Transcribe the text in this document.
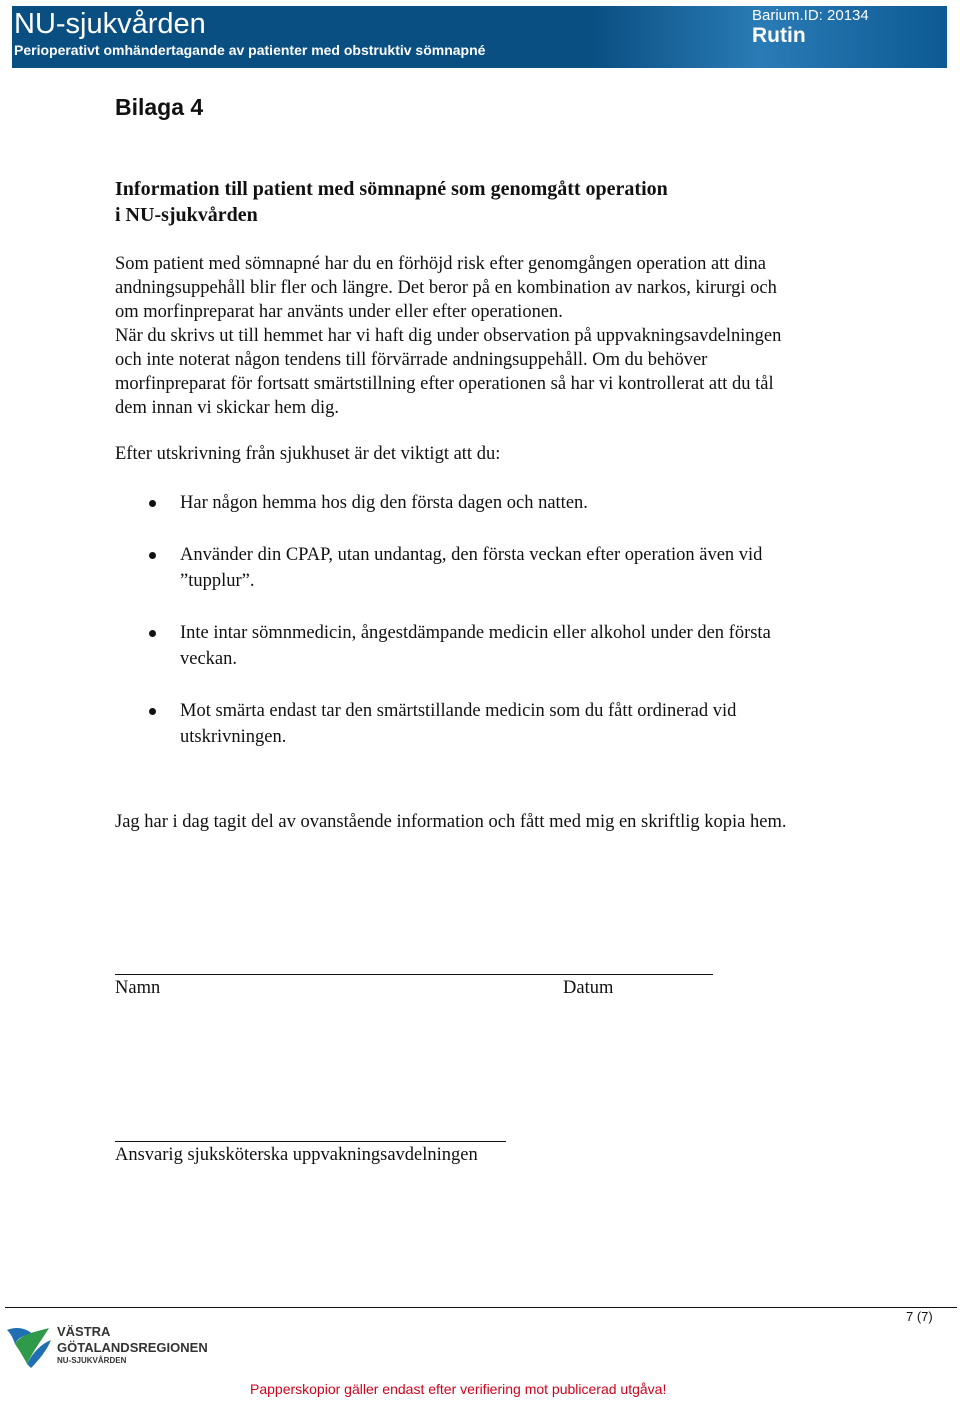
NU-sjukvården
Perioperativt omhändertagande av patienter med obstruktiv sömnapné
Barium.ID: 20134
Rutin
Bilaga 4
Information till patient med sömnapné som genomgått operation
i NU-sjukvården

Som patient med sömnapné har du en förhöjd risk efter genomgången operation att dina

andningsuppehåll blir fler och längre. Det beror på en kombination av narkos, kirurgi och

om morfinpreparat har använts under eller efter operationen.

När du skrivs ut till hemmet har vi haft dig under observation på uppvakningsavdelningen

och inte noterat någon tendens till förvärrade andningsuppehåll. Om du behöver

morfinpreparat för fortsatt smärtstillning efter operationen så har vi kontrollerat att du tål

dem innan vi skickar hem dig.

Efter utskrivning från sjukhuset är det viktigt att du:

Har någon hemma hos dig den första dagen och natten.
Använder din CPAP, utan undantag, den första veckan efter operation även vid
”tupplur”.
Inte intar sömnmedicin, ångestdämpande medicin eller alkohol under den första
veckan.
Mot smärta endast tar den smärtstillande medicin som du fått ordinerad vid
utskrivningen.
Jag har i dag tagit del av ovanstående information och fått med mig en skriftlig kopia hem.
Namn	Datum
Ansvarig sjuksköterska uppvakningsavdelningen
7 (7)
VÄSTRA
GÖTALANDSREGIONEN
NU-SJUKVÅRDEN
Papperskopior gäller endast efter verifiering mot publicerad utgåva!
